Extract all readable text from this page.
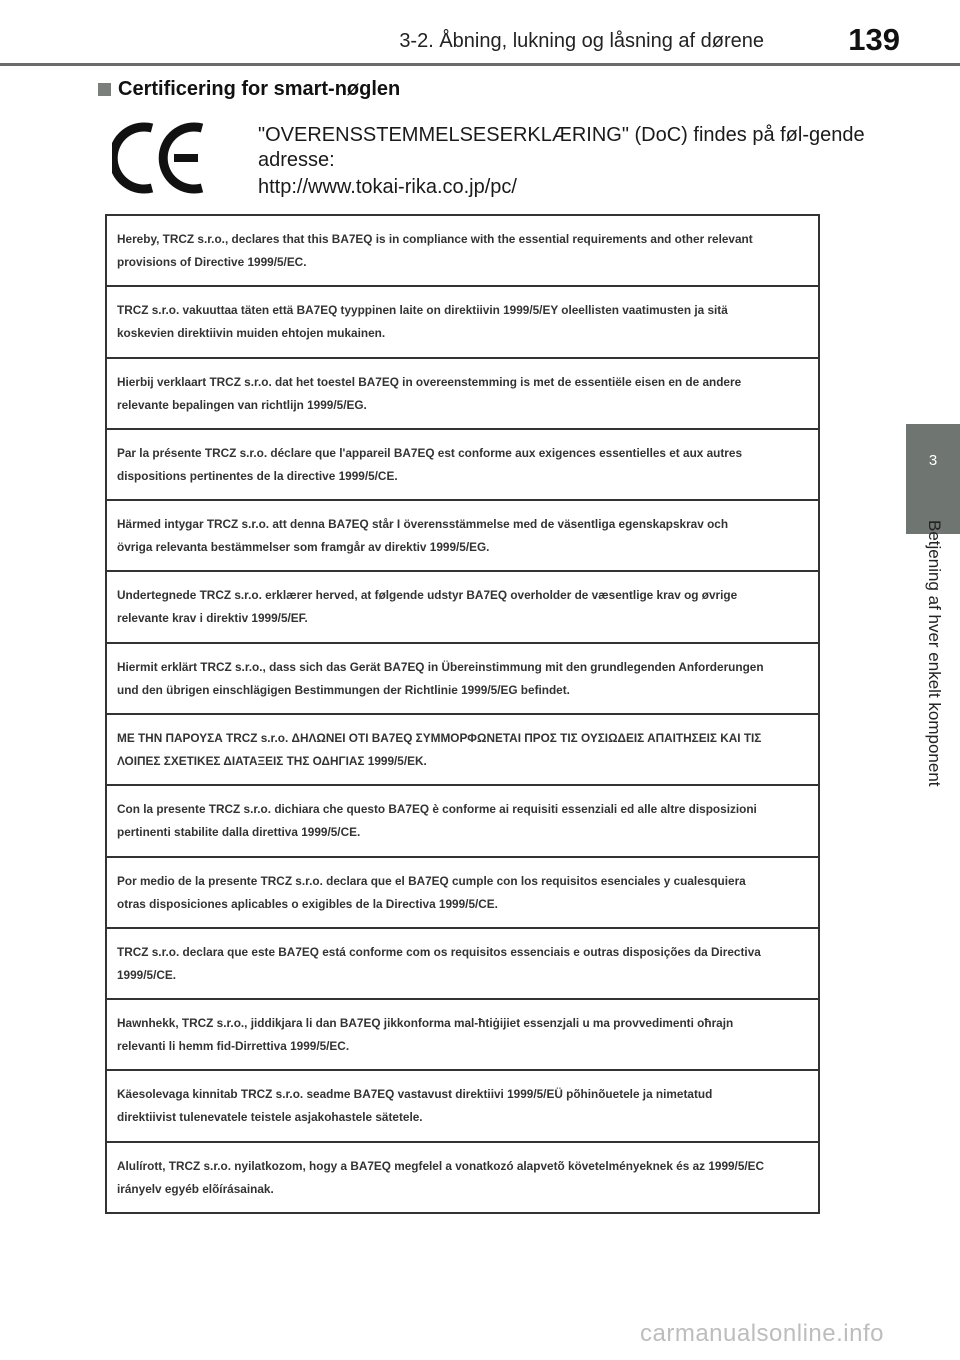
3-2. Åbning, lukning og låsning af dørene	139
3
Betjening af hver enkelt komponent
Certificering for smart-nøglen
"OVERENSSTEMMELSESERKLÆRING" (DoC) findes på føl-gende adresse:
http://www.tokai-rika.co.jp/pc/
Hereby, TRCZ s.r.o., declares that this BA7EQ is in compliance with the essential requirements and other relevant provisions of Directive 1999/5/EC.
TRCZ s.r.o. vakuuttaa täten että BA7EQ tyyppinen laite on direktiivin 1999/5/EY oleellisten vaatimusten ja sitä koskevien direktiivin muiden ehtojen mukainen.
Hierbij verklaart TRCZ s.r.o. dat het toestel BA7EQ in overeenstemming is met de essentiële eisen en de andere relevante bepalingen van richtlijn 1999/5/EG.
Par la présente TRCZ s.r.o. déclare que l'appareil BA7EQ est conforme aux exigences essentielles et aux autres dispositions pertinentes de la directive 1999/5/CE.
Härmed intygar TRCZ s.r.o. att denna BA7EQ står I överensstämmelse med de väsentliga egenskapskrav och övriga relevanta bestämmelser som framgår av direktiv 1999/5/EG.
Undertegnede TRCZ s.r.o. erklærer herved, at følgende udstyr BA7EQ overholder de væsentlige krav og øvrige relevante krav i direktiv 1999/5/EF.
Hiermit erklärt TRCZ s.r.o., dass sich das Gerät BA7EQ in Übereinstimmung mit den grundlegenden Anforderungen und den übrigen einschlägigen Bestimmungen der Richtlinie 1999/5/EG befindet.
ΜΕ ΤΗΝ ΠΑΡΟΥΣΑ TRCZ s.r.o. ΔΗΛΩΝΕΙ ΟΤΙ BA7EQ ΣΥΜΜΟΡΦΩΝΕΤΑΙ ΠΡΟΣ ΤΙΣ ΟΥΣΙΩΔΕΙΣ ΑΠΑΙΤΗΣΕΙΣ ΚΑΙ ΤΙΣ ΛΟΙΠΕΣ ΣΧΕΤΙΚΕΣ ΔΙΑΤΑΞΕΙΣ ΤΗΣ ΟΔΗΓΙΑΣ 1999/5/ΕΚ.
Con la presente TRCZ s.r.o. dichiara che questo BA7EQ è conforme ai requisiti essenziali ed alle altre disposizioni pertinenti stabilite dalla direttiva 1999/5/CE.
Por medio de la presente TRCZ s.r.o. declara que el BA7EQ cumple con los requisitos esenciales y cualesquiera otras disposiciones aplicables o exigibles de la Directiva 1999/5/CE.
TRCZ s.r.o. declara que este BA7EQ está conforme com os requisitos essenciais e outras disposições da Directiva 1999/5/CE.
Hawnhekk, TRCZ s.r.o., jiddikjara li dan BA7EQ jikkonforma mal-ħtiġijiet essenzjali u ma provvedimenti oħrajn relevanti li hemm fid-Dirrettiva 1999/5/EC.
Käesolevaga kinnitab TRCZ s.r.o. seadme BA7EQ vastavust direktiivi 1999/5/EÜ põhinõuetele ja nimetatud direktiivist tulenevatele teistele asjakohastele sätetele.
Alulírott, TRCZ s.r.o. nyilatkozom, hogy a BA7EQ megfelel a vonatkozó alapvetõ követelményeknek és az 1999/5/EC irányelv egyéb elõírásainak.
carmanualsonline.info
